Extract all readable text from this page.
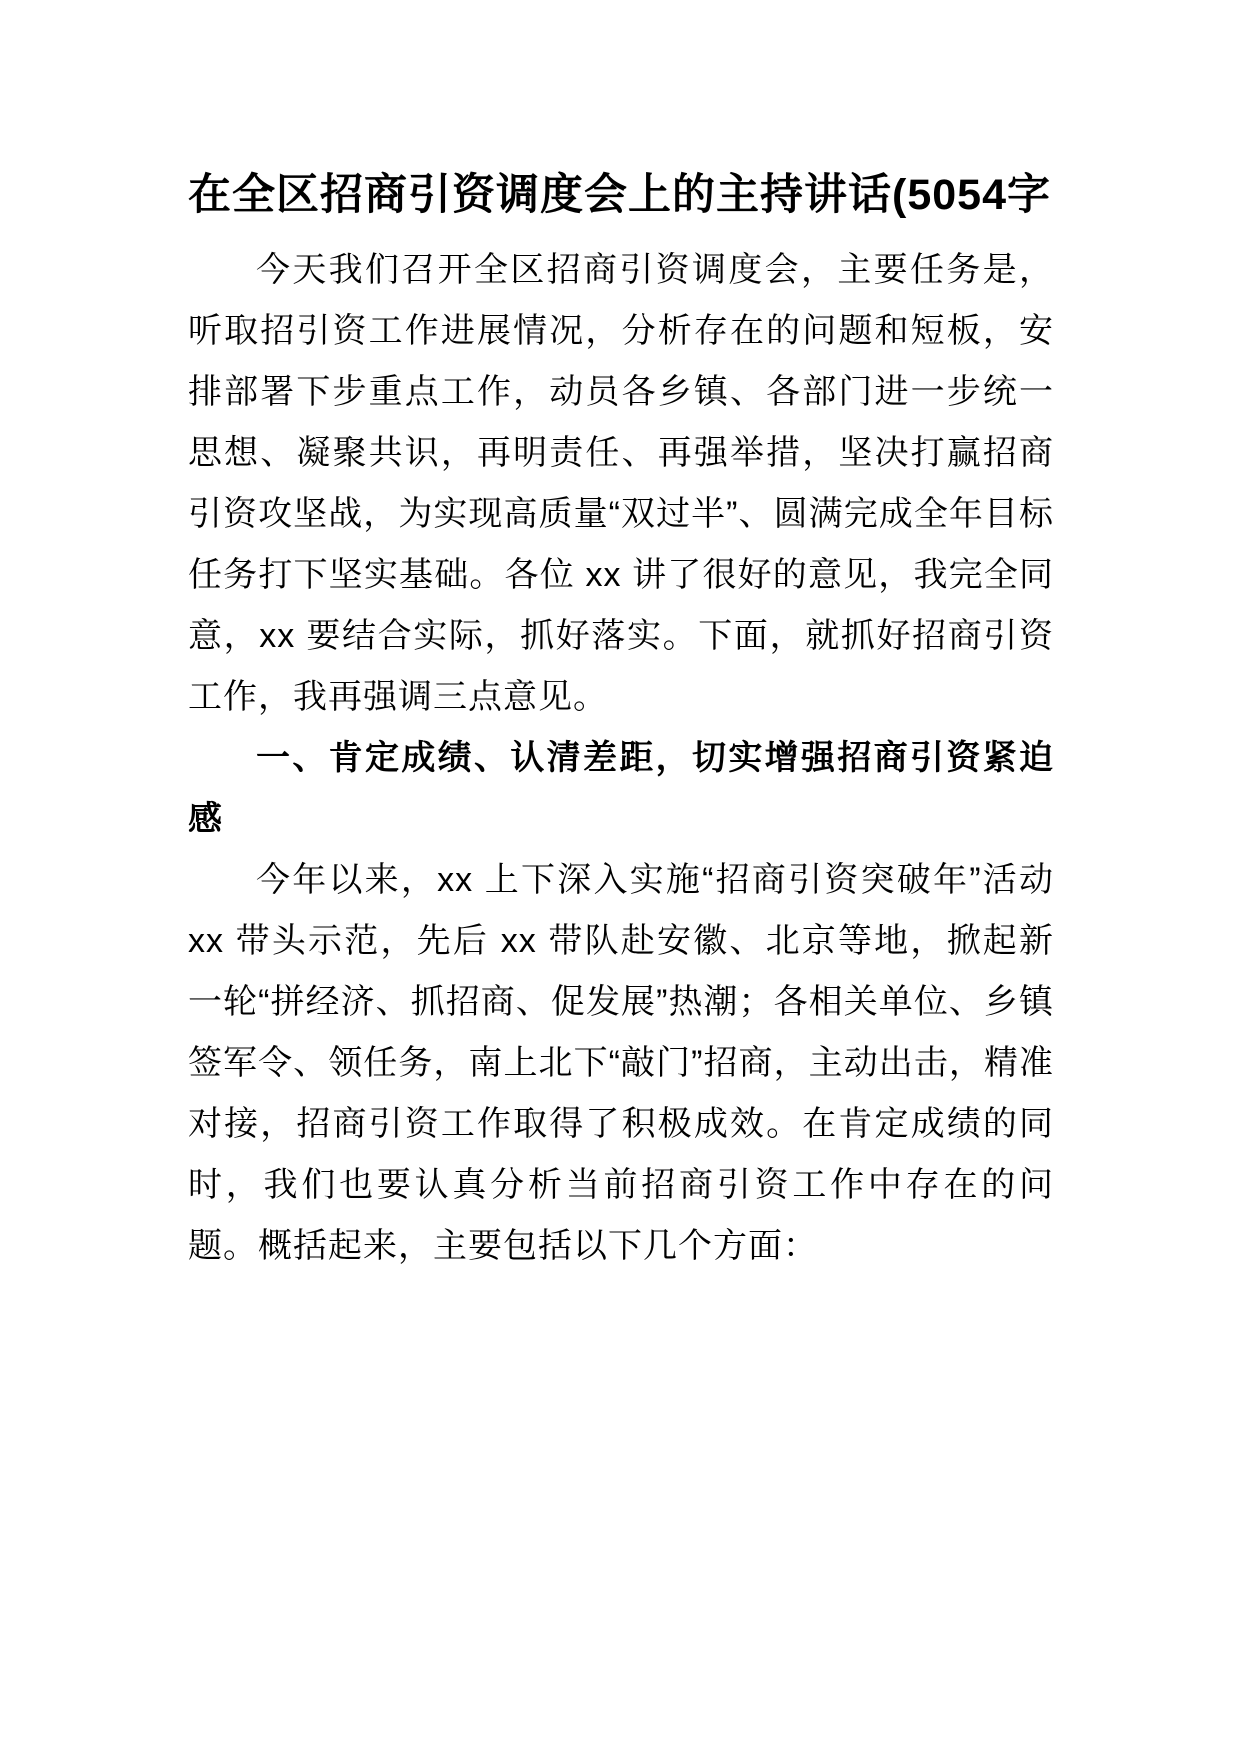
在全区招商引资调度会上的主持讲话(5054字

今天我们召开全区招商引资调度会，主要任务是，听取招引资工作进展情况，分析存在的问题和短板，安排部署下步重点工作，动员各乡镇、各部门进一步统一思想、凝聚共识，再明责任、再强举措，坚决打赢招商引资攻坚战，为实现高质量“双过半”、圆满完成全年目标任务打下坚实基础。各位 xx 讲了很好的意见，我完全同意，xx 要结合实际，抓好落实。下面，就抓好招商引资工作，我再强调三点意见。

一、肯定成绩、认清差距，切实增强招商引资紧迫感

今年以来，xx 上下深入实施“招商引资突破年”活动 xx 带头示范，先后 xx 带队赴安徽、北京等地，掀起新一轮“拼经济、抓招商、促发展”热潮；各相关单位、乡镇签军令、领任务，南上北下“敲门”招商，主动出击，精准对接，招商引资工作取得了积极成效。在肯定成绩的同时，我们也要认真分析当前招商引资工作中存在的问题。概括起来，主要包括以下几个方面：
